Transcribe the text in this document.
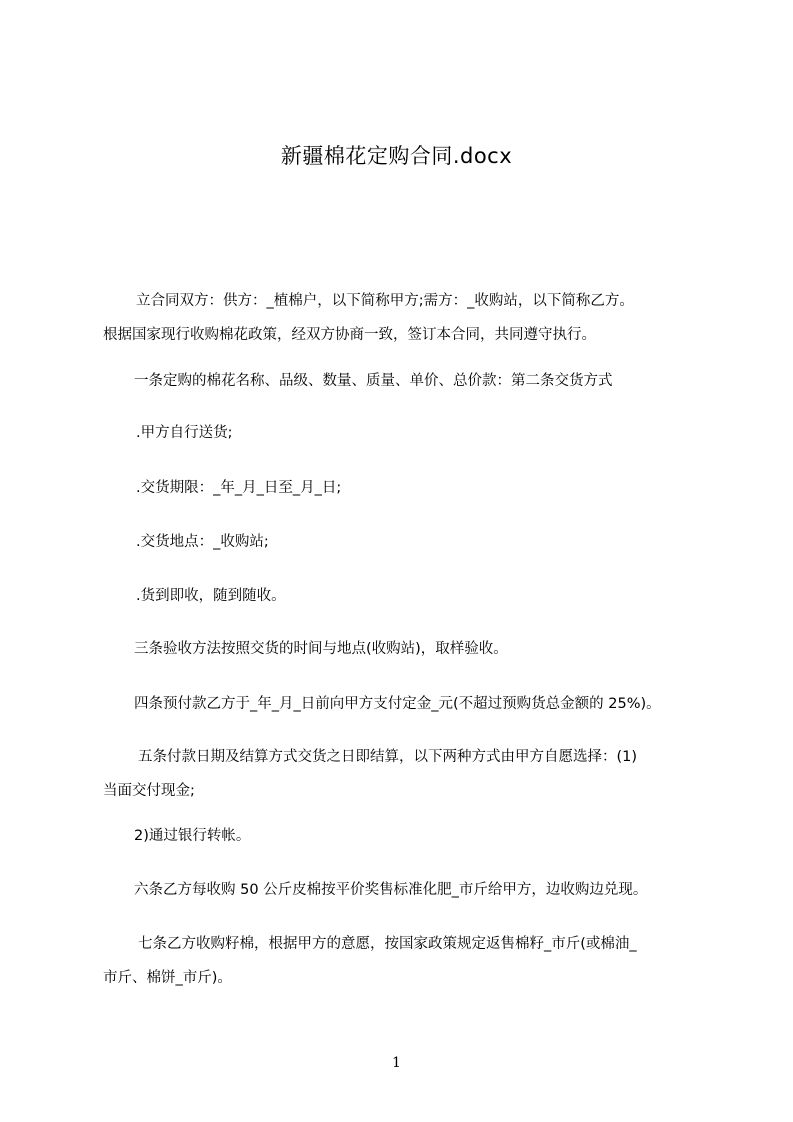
新疆棉花定购合同.docx
立合同双方：供方：_植棉户，以下简称甲方;需方：_收购站，以下简称乙方。
根据国家现行收购棉花政策，经双方协商一致，签订本合同，共同遵守执行。
一条定购的棉花名称、品级、数量、质量、单价、总价款：第二条交货方式
.甲方自行送货;
.交货期限：_年_月_日至_月_日;
.交货地点：_收购站;
.货到即收，随到随收。
三条验收方法按照交货的时间与地点(收购站)，取样验收。
四条预付款乙方于_年_月_日前向甲方支付定金_元(不超过预购货总金额的 25%)。
五条付款日期及结算方式交货之日即结算，以下两种方式由甲方自愿选择：(1)
当面交付现金;
2)通过银行转帐。
六条乙方每收购 50 公斤皮棉按平价奖售标准化肥_市斤给甲方，边收购边兑现。
七条乙方收购籽棉，根据甲方的意愿，按国家政策规定返售棉籽_市斤(或棉油_
市斤、棉饼_市斤)。
1
